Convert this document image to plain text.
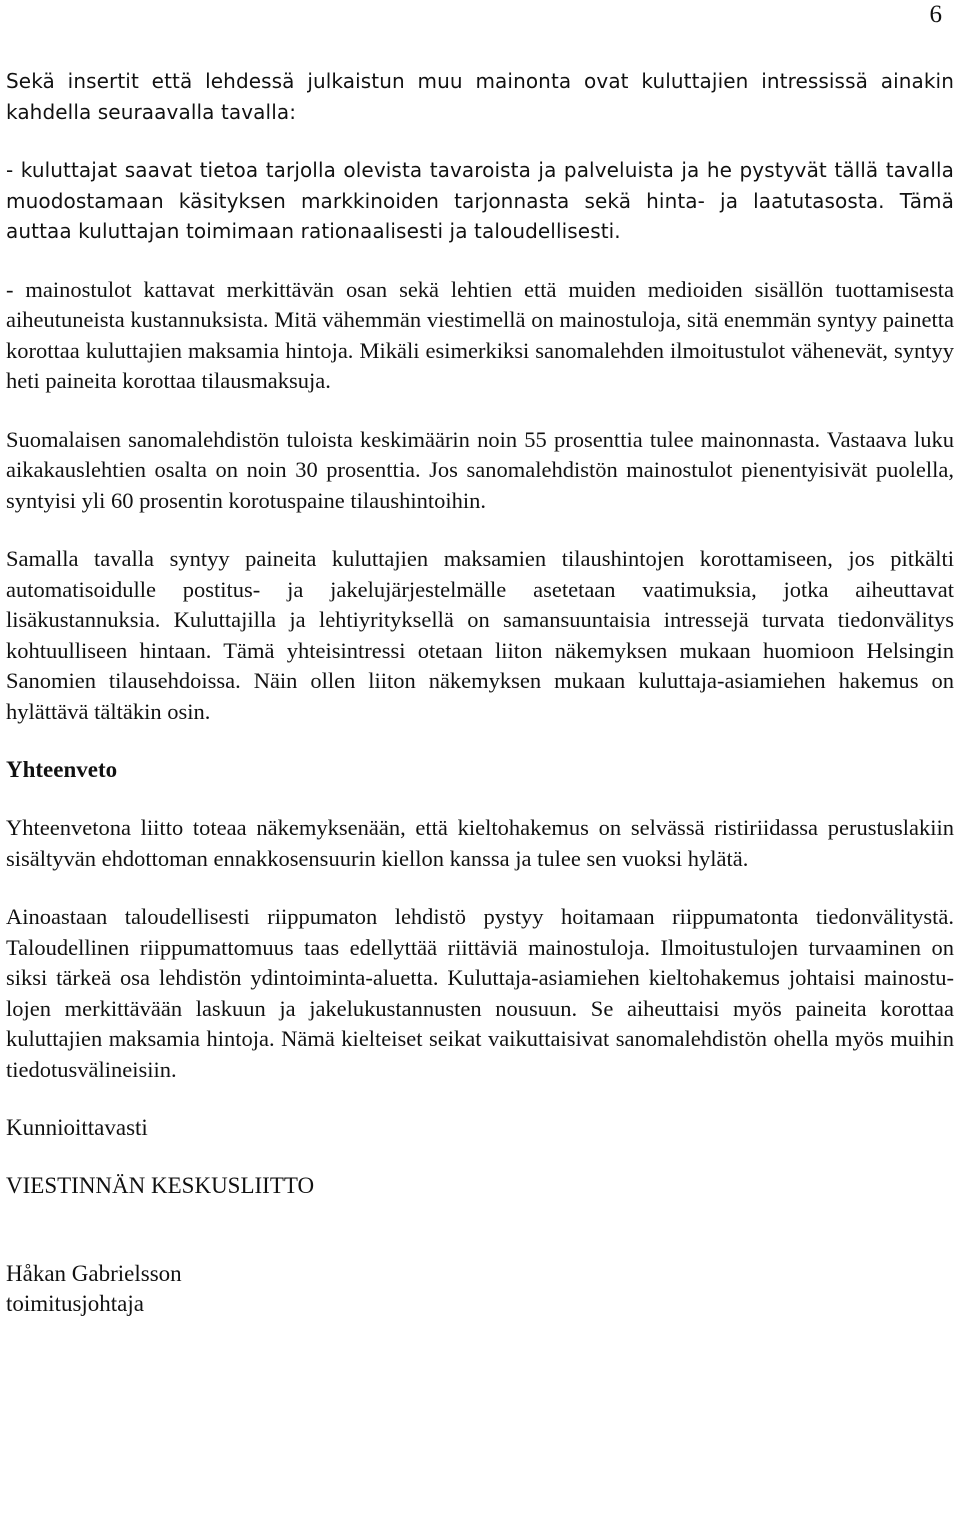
6

Sekä insertit että lehdessä julkaistun muu mainonta ovat kuluttajien intressissä ainakin kahdella seuraavalla tavalla:

- kuluttajat saavat tietoa tarjolla olevista tavaroista ja palveluista ja he pystyvät tällä tavalla muodostamaan käsityksen markkinoiden tarjonnasta sekä hinta- ja laatutasosta. Tämä auttaa kuluttajan toimimaan rationaalisesti ja taloudellisesti.

- mainostulot kattavat merkittävän osan sekä lehtien että muiden medioiden sisällön tuottamisesta aiheutuneista kustannuksista. Mitä vähemmän viestimellä on mainostuloja, sitä enemmän syntyy painetta korottaa kuluttajien maksamia hintoja. Mikäli esimerkiksi sanomalehden ilmoitustulot vähenevät, syntyy heti paineita korottaa tilausmaksuja.

Suomalaisen sanomalehdistön tuloista keskimäärin noin 55 prosenttia tulee mainonnasta. Vastaava luku aikakauslehtien osalta on noin 30 prosenttia. Jos sanomalehdistön mainostulot pienentyisivät puolella, syntyisi yli 60 prosentin korotuspaine tilaushintoihin.

Samalla tavalla syntyy paineita kuluttajien maksamien tilaushintojen korottamiseen, jos pitkälti automatisoidulle postitus- ja jakelujärjestelmälle asetetaan vaatimuksia, jotka aiheuttavat lisäkustannuksia. Kuluttajilla ja lehtiyrityksellä on samansuuntaisia intressejä turvata tiedonvälitys kohtuulliseen hintaan. Tämä yhteisintressi otetaan liiton näkemyksen mukaan huomioon Helsingin Sanomien tilausehdoissa. Näin ollen liiton näkemyksen mukaan kuluttaja-asiamiehen hakemus on hylättävä tältäkin osin.

Yhteenveto

Yhteenvetona liitto toteaa näkemyksenään, että kieltohakemus on selvässä ristiriidassa perustuslakiin sisältyvän ehdottoman ennakkosensuurin kiellon kanssa ja tulee sen vuoksi hylätä.

Ainoastaan taloudellisesti riippumaton lehdistö pystyy hoitamaan riippumatonta tiedonvälitystä. Taloudellinen riippumattomuus taas edellyttää riittäviä mainostuloja. Ilmoitustulojen turvaaminen on siksi tärkeä osa lehdistön ydintoiminta-aluetta. Kuluttaja-asiamiehen kieltohakemus johtaisi mainostulojen merkittävään laskuun ja jakelukustannusten nousuun. Se aiheuttaisi myös paineita korottaa kuluttajien maksamia hintoja. Nämä kielteiset seikat vaikuttaisivat sanomalehdistön ohella myös muihin tiedotusvälineisiin.

Kunnioittavasti

VIESTINNÄN KESKUSLIITTO

Håkan Gabrielsson

toimitusjohtaja
